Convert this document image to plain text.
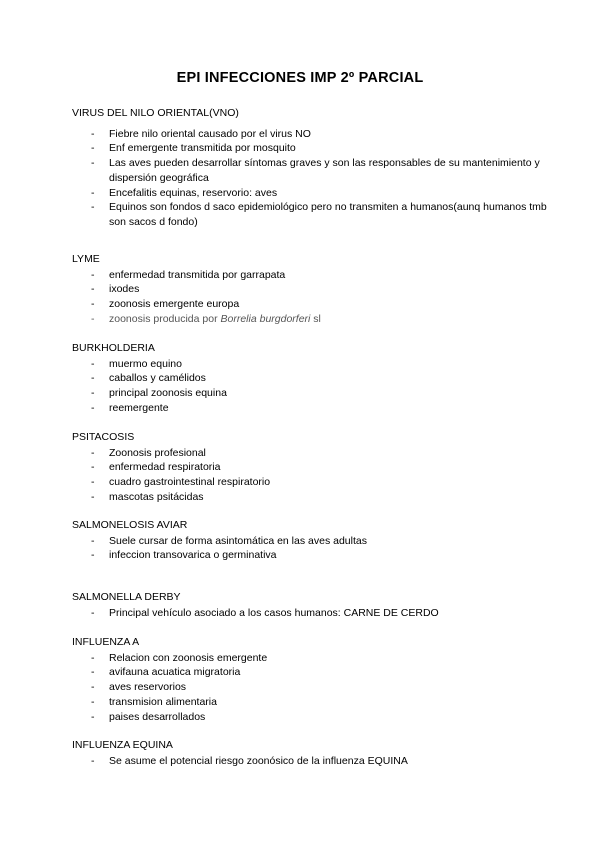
EPI INFECCIONES IMP 2º PARCIAL
VIRUS DEL NILO ORIENTAL(VNO)
- Fiebre nilo oriental causado por el virus NO
- Enf emergente transmitida por mosquito
- Las aves pueden desarrollar síntomas graves y son las responsables de su mantenimiento y dispersión geográfica
- Encefalitis equinas, reservorio: aves
- Equinos son fondos d saco epidemiológico pero no transmiten a humanos(aunq humanos tmb son sacos d fondo)
LYME
- enfermedad transmitida por garrapata
- ixodes
- zoonosis emergente europa
- zoonosis producida por Borrelia burgdorferi sl
BURKHOLDERIA
- muermo equino
- caballos y camélidos
- principal zoonosis equina
- reemergente
PSITACOSIS
- Zoonosis profesional
- enfermedad respiratoria
- cuadro gastrointestinal respiratorio
- mascotas psitácidas
SALMONELOSIS AVIAR
- Suele cursar de forma asintomática en las aves adultas
- infeccion transovarica o germinativa
SALMONELLA DERBY
- Principal vehículo asociado a los casos humanos: CARNE DE CERDO
INFLUENZA A
- Relacion con zoonosis emergente
- avifauna acuatica migratoria
- aves reservorios
- transmision alimentaria
- paises desarrollados
INFLUENZA EQUINA
- Se asume el potencial riesgo zoonósico de la influenza EQUINA
